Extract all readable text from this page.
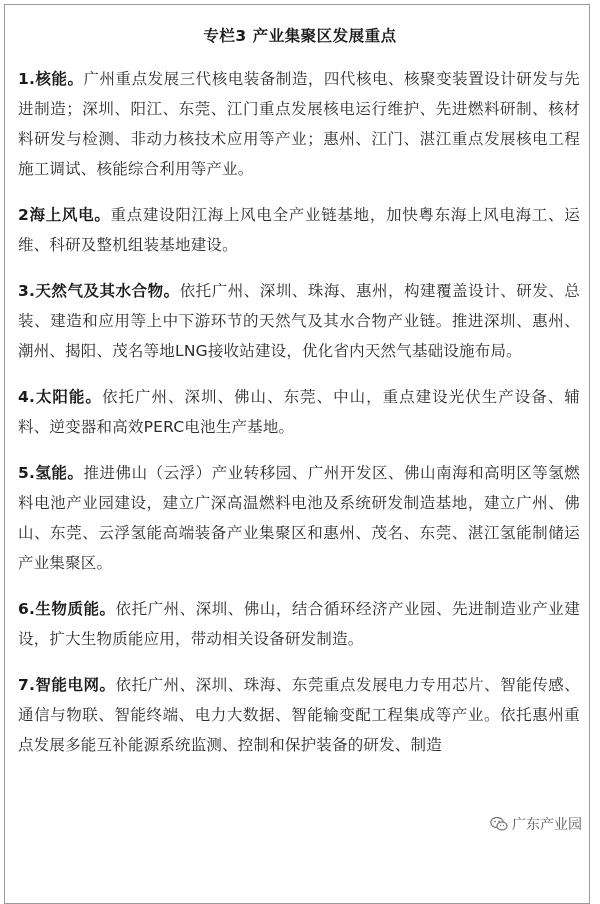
专栏3 产业集聚区发展重点

1.核能。广州重点发展三代核电装备制造，四代核电、核聚变装置设计研发与先进制造；深圳、阳江、东莞、江门重点发展核电运行维护、先进燃料研制、核材料研发与检测、非动力核技术应用等产业；惠州、江门、湛江重点发展核电工程施工调试、核能综合利用等产业。

2海上风电。重点建设阳江海上风电全产业链基地，加快粤东海上风电海工、运维、科研及整机组装基地建设。

3.天然气及其水合物。依托广州、深圳、珠海、惠州，构建覆盖设计、研发、总装、建造和应用等上中下游环节的天然气及其水合物产业链。推进深圳、惠州、潮州、揭阳、茂名等地LNG接收站建设，优化省内天然气基础设施布局。

4.太阳能。依托广州、深圳、佛山、东莞、中山，重点建设光伏生产设备、辅料、逆变器和高效PERC电池生产基地。

5.氢能。推进佛山（云浮）产业转移园、广州开发区、佛山南海和高明区等氢燃料电池产业园建设，建立广深高温燃料电池及系统研发制造基地，建立广州、佛山、东莞、云浮氢能高端装备产业集聚区和惠州、茂名、东莞、湛江氢能制储运产业集聚区。

6.生物质能。依托广州、深圳、佛山，结合循环经济产业园、先进制造业产业建设，扩大生物质能应用，带动相关设备研发制造。

7.智能电网。依托广州、深圳、珠海、东莞重点发展电力专用芯片、智能传感、通信与物联、智能终端、电力大数据、智能输变配工程集成等产业。依托惠州重点发展多能互补能源系统监测、控制和保护装备的研发、制造

广东产业园
